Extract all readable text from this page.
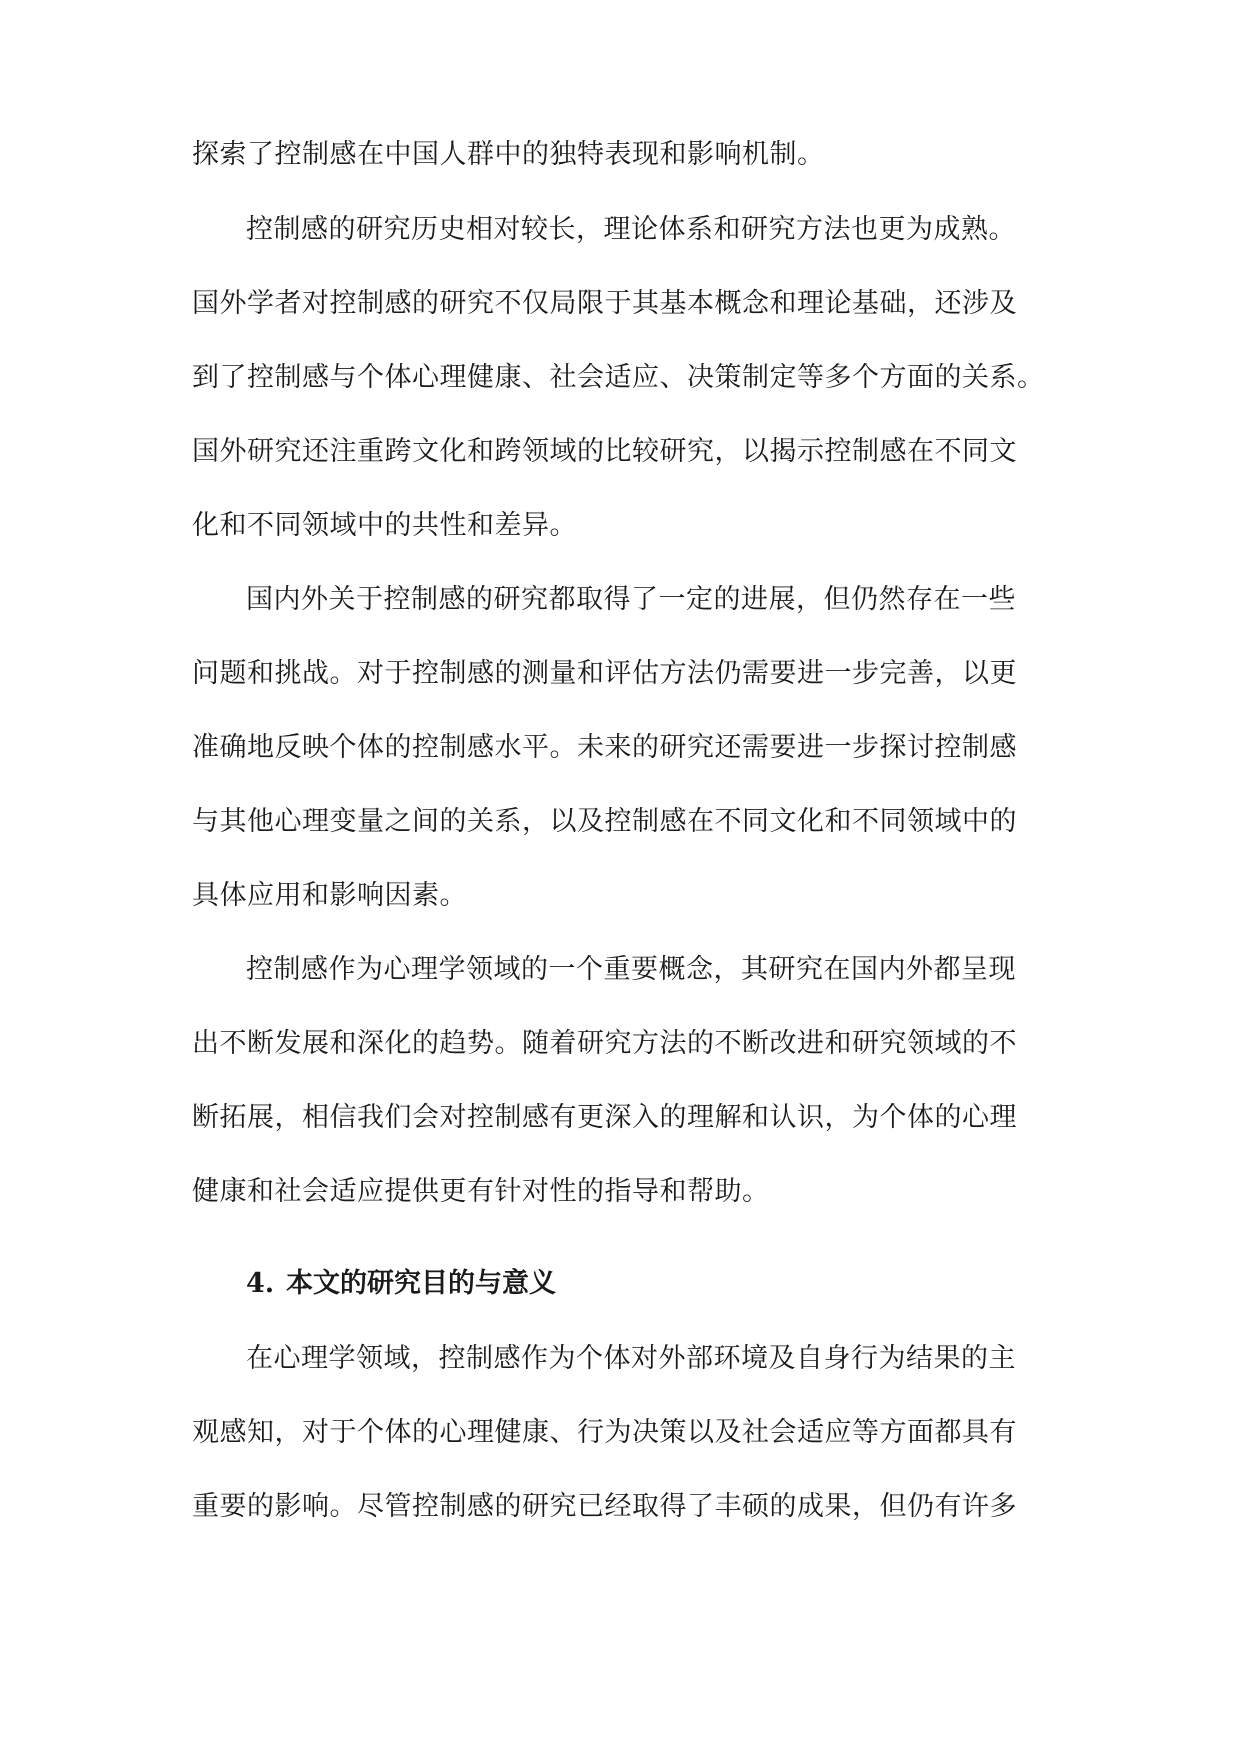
探索了控制感在中国人群中的独特表现和影响机制。
控制感的研究历史相对较长，理论体系和研究方法也更为成熟。
国外学者对控制感的研究不仅局限于其基本概念和理论基础，还涉及
到了控制感与个体心理健康、社会适应、决策制定等多个方面的关系。
国外研究还注重跨文化和跨领域的比较研究，以揭示控制感在不同文
化和不同领域中的共性和差异。
国内外关于控制感的研究都取得了一定的进展，但仍然存在一些
问题和挑战。对于控制感的测量和评估方法仍需要进一步完善，以更
准确地反映个体的控制感水平。未来的研究还需要进一步探讨控制感
与其他心理变量之间的关系，以及控制感在不同文化和不同领域中的
具体应用和影响因素。
控制感作为心理学领域的一个重要概念，其研究在国内外都呈现
出不断发展和深化的趋势。随着研究方法的不断改进和研究领域的不
断拓展，相信我们会对控制感有更深入的理解和认识，为个体的心理
健康和社会适应提供更有针对性的指导和帮助。
4. 本文的研究目的与意义
在心理学领域，控制感作为个体对外部环境及自身行为结果的主
观感知，对于个体的心理健康、行为决策以及社会适应等方面都具有
重要的影响。尽管控制感的研究已经取得了丰硕的成果，但仍有许多
